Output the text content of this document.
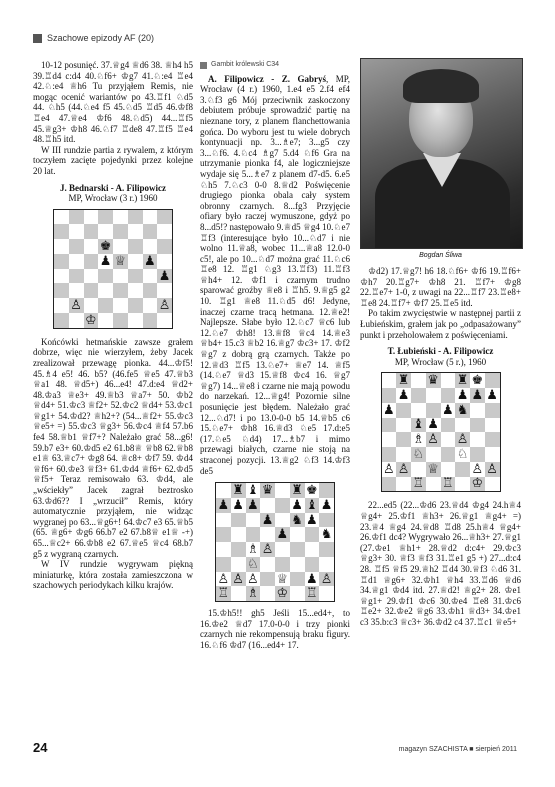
Szachowe epizody AF (20)

10-12 posunięć. 37.♕g4 ♕d6 38. ♕h4 h5 39.♖d4 c:d4 40.♘f6+ ♔g7 41.♘:e4 ♖e4 42.♘:e4 ♕h6 Tu przyjąłem Remis, nie mogąc ocenić wariantów po 43.♖f1 ♘d5 44. ♘h5 (44.♘e4 f5 45.♘d5 ♖d5 46.♔f8 ♖e4 47.♕e4 ♔f6 48.♘d5) 44...♖f5 45.♕g3+ ♔h8 46.♘f7 ♖de8 47.♖f5 ♖e4 48.♖h5 itd.

W III rundzie partia z rywalem, z którym toczyłem zacięte pojedynki przez kolejne 20 lat.

J. Bednarski - A. Filipowicz
MP, Wrocław (3 r.) 1960
♚
♟ ♕ ♟
♟
♙	♙
♔

Końcówki hetmańskie zawsze grałem dobrze, więc nie wierzyłem, żeby Jacek zrealizował przewagę pionka. 44...♔f5! 45.♗4 e5! 46. b5? (46.fe5 ♕e5 47.♕b3 ♕a1 48. ♕d5+) 46...e4! 47.d:e4 ♕d2+ 48.♔a3 ♕e3+ 49.♕b3 ♕a7+ 50. ♔b2 ♕d4+ 51.♔c3 ♕f2+ 52.♔c2 ♕d4+ 53.♔c1 ♕g1+ 54.♔d2? ♕h2+? (54...♕f2+ 55.♔c3 ♕e5+ =) 55.♔c3 ♕g3+ 56.♔c4 ♕f4 57.b6 fe4 58.♕b1 ♕f7+? Należało grać 58...g6! 59.b7 e3+ 60.♔d5 e2 61.b8♕ ♕b8 62.♕b8 e1♕ 63.♕c7+ ♔g8 64. ♕c8+ ♔f7 59. ♔d4 ♕f6+ 60.♔e3 ♕f3+ 61.♔d4 ♕f6+ 62.♔d5 ♕f5+ Teraz remisowało 63. ♔d4, ale „wściekły” Jacek zagrał beztrosko 63.♔d6?? I „wrzucił” Remis, który automatycznie przyjąłem, nie widząc wygranej po 63...♕g6+! 64.♔c7 e3 65.♕b5 (65. ♕g6+ ♔g6 66.b7 e2 67.b8♕ e1♕ -+) 65...♕c2+ 66.♔b8 e2 67.♕e5 ♕c4 68.b7 g5 z wygraną czarnych.

W IV rundzie wygrywam piękną miniaturkę, która została zamieszczona w szachowych periodykach kilku krajów.

Gambit królewski C34

A. Filipowicz - Z. Gabryś, MP, Wrocław (4 r.) 1960, 1.e4 e5 2.f4 ef4 3.♘f3 g6 Mój przeciwnik zaskoczony debiutem próbuje sprowadzić partię na nieznane tory, z planem flanchettowania gońca. Do wyboru jest tu wiele dobrych kontynuacji np. 3...♗e7; 3...g5 czy 3...♘f6. 4.♘c4 ♗g7 5.d4 ♘f6 Gra na utrzymanie pionka f4, ale logiczniejsze wydaje się 5...♗e7 z planem d7-d5. 6.e5 ♘h5 7.♘c3 0-0 8.♕d2 Poświęcenie drugiego pionka obala cały system obronny czarnych. 8...fg3 Przyjęcie ofiary było raczej wymuszone, gdyż po 8...d5!? następowało 9.♕d5 ♕g4 10.♘e7 ♖f3 (interesujące było 10...♘d7 i nie wolno 11.♕a8, wobec 11...♕a8 12.0-0 c5!, ale po 10...♘d7 można grać 11.♘c6 ♖e8 12. ♖g1 ♘g3 13.♖f3) 11.♖f3 ♕h4+ 12. ♔f1 i czarnym trudno sparować groźby ♕e8 i ♖h5. 9.♕g5 g2 10. ♖g1 ♕e8 11.♘d5 d6! Jedyne, inaczej czarne tracą hetmana. 12.♕e2! Najlepsze. Słabe było 12.♘c7 ♕c6 lub 12.♘e7 ♔h8! 13.♕f8 ♕c4 14.♕e3 ♕b4+ 15.c3 ♕b2 16.♕g7 ♔c3+ 17. ♔f2 ♕g7 z dobrą grą czarnych. Także po 12.♕d3 ♖f5 13.♘e7+ ♕e7 14. ♕f5 (14.♘e7 ♕d3 15.♕f8 ♔c4 16. ♕g7 ♕g7) 14...♕e8 i czarne nie mają powodu do narzekań. 12...♕g4! Pozornie silne posunięcie jest błędem. Należało grać 12...♘d7! i po 13.0-0-0 b5 14.♕b5 c6 15.♘e7+ ♔h8 16.♕d3 ♘e5 17.d:e5 (17.♘e5 ♘d4) 17...♗b7 i mimo przewagi białych, czarne nie stoją na straconej pozycji. 13.♕g2 ♘f3 14.♔f3 de5

♜ ♝ ♛ ♜ ♚
♟ ♟ ♟	♟ ♝ ♟
♟ ♞ ♟
♟	♞
♗ ♙
♘
♙ ♙ ♙ ♕ ♟ ♙
♖ ♗ ♔ ♖

15.♔h5!! gh5 Jeśli 15...ed4+, to 16.♔e2 ♕d7 17.0-0-0 i trzy pionki czarnych nie rekompensują braku figury. 16.♘f6 ♔d7 (16...ed4+ 17.

Bogdan Śliwa

♔d2) 17.♕g7! h6 18.♘f6+ ♔f6 19.♖f6+ ♔h7 20.♖g7+ ♔h8 21. ♖f7+ ♔g8 22.♖e7+ 1-0, z uwagi na 22...♖f7 23.♖e8+ ♖e8 24.♖f7+ ♔f7 25.♖e5 itd.

Po takim zwycięstwie w następnej partii z Łubieńskim, grałem jak po „odpasażowany” punkt i przeholowałem z poświęceniami.

T. Łubieński - A. Filipowicz
MP, Wrocław (5 r.), 1960
♜ ♛ ♜ ♚
♟	♟ ♟ ♟
♟	♟ ♞
♝ ♟
♗ ♙ ♙
♘	♘
♙ ♙ ♕	♙ ♙
♖ ♖ ♔

22...ed5 (22...♔d6 23.♕d4 ♔g4 24.h♕4 ♕g4+ 25.♔f1 ♕h3+ 26.♕g1 ♕g4+ =) 23.♕4 ♕g4 24.♕d8 ♖d8 25.h♕4 ♕g4+ 26.♔f1 dc4? Wygrywało 26...♕h3+ 27.♕g1 (27.♔e1 ♕h1+ 28.♕d2 d:c4+ 29.♔c3 ♕g3+ 30. ♕f3 ♕f3 31.♖e1 g5 +) 27...d:c4 28. ♖f5 ♕f5 29.♕h2 ♖d4 30.♕f3 ♘d6 31. ♖d1 ♕g6+ 32.♔h1 ♕h4 33.♖d6 ♕d6 34.♕g1 ♔d4 itd. 27.♕d2! ♕g2+ 28. ♔e1 ♕g1+ 29.♔f1 ♔c6 30.♔e4 ♖e8 31.♔c6 ♖e2+ 32.♔e2 ♕g6 33.♔h1 ♕d3+ 34.♔e1 c3 35.b:c3 ♕c3+ 36.♔d2 c4 37.♖c1 ♕e5+

24	magazyn SZACHISTA ■ sierpień 2011
